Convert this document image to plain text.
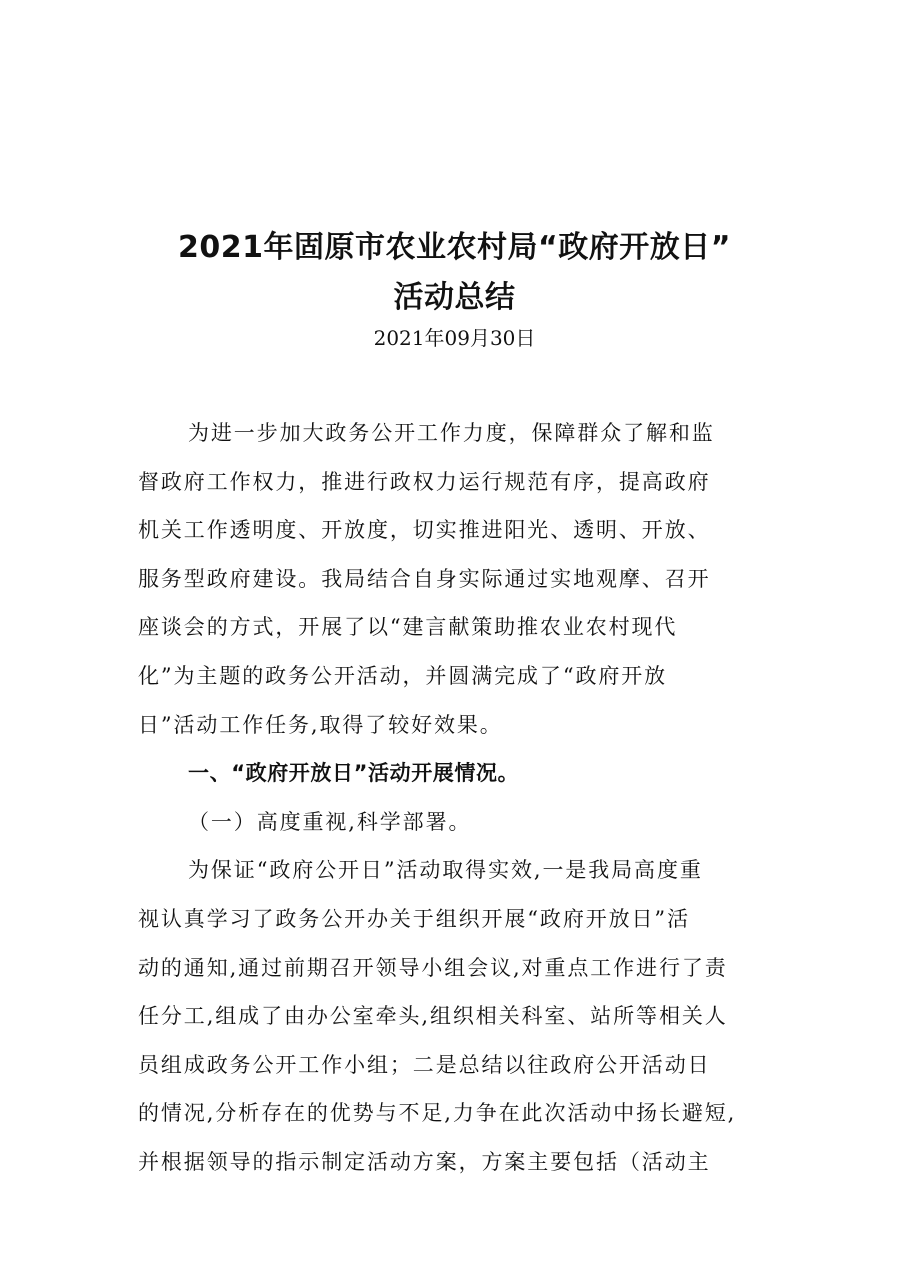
2021年固原市农业农村局“政府开放日”
活动总结
2021年09月30日
为进一步加大政务公开工作力度，保障群众了解和监
督政府工作权力，推进行政权力运行规范有序，提高政府
机关工作透明度、开放度，切实推进阳光、透明、开放、
服务型政府建设。我局结合自身实际通过实地观摩、召开
座谈会的方式，开展了以“建言献策助推农业农村现代
化”为主题的政务公开活动，并圆满完成了“政府开放
日”活动工作任务,取得了较好效果。
一、“政府开放日”活动开展情况。
（一）高度重视,科学部署。
为保证“政府公开日”活动取得实效,一是我局高度重
视认真学习了政务公开办关于组织开展“政府开放日”活
动的通知,通过前期召开领导小组会议,对重点工作进行了责
任分工,组成了由办公室牵头,组织相关科室、站所等相关人
员组成政务公开工作小组；二是总结以往政府公开活动日
的情况,分析存在的优势与不足,力争在此次活动中扬长避短,
并根据领导的指示制定活动方案，方案主要包括（活动主
